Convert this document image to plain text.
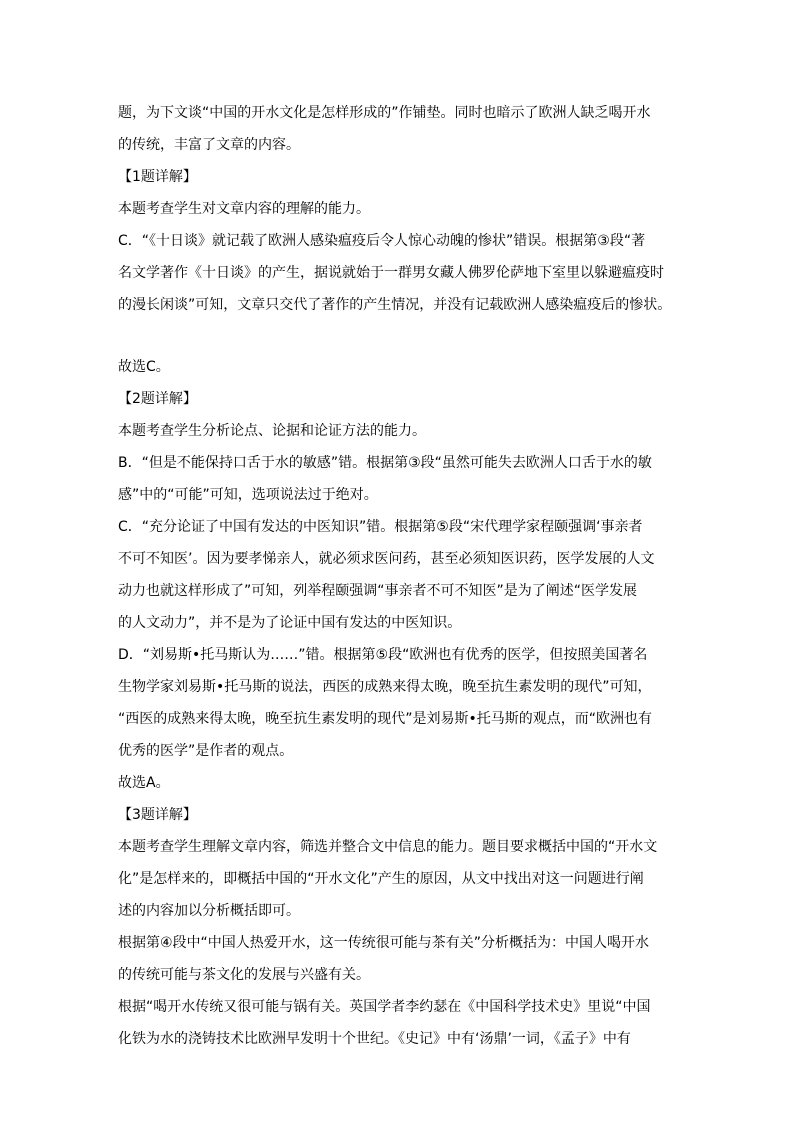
题，为下文谈“中国的开水文化是怎样形成的”作铺垫。同时也暗示了欧洲人缺乏喝开水
的传统，丰富了文章的内容。
【1题详解】
本题考查学生对文章内容的理解的能力。
C．“《十日谈》就记载了欧洲人感染瘟疫后令人惊心动魄的惨状”错误。根据第③段“著
名文学著作《十日谈》的产生，据说就始于一群男女藏人佛罗伦萨地下室里以躲避瘟疫时
的漫长闲谈”可知，文章只交代了著作的产生情况，并没有记载欧洲人感染瘟疫后的惨状。
故选C。
【2题详解】
本题考查学生分析论点、论据和论证方法的能力。
B．“但是不能保持口舌于水的敏感”错。根据第③段“虽然可能失去欧洲人口舌于水的敏
感”中的“可能”可知，选项说法过于绝对。
C．“充分论证了中国有发达的中医知识”错。根据第⑤段“宋代理学家程颐强调‘事亲者
不可不知医’。因为要孝悌亲人，就必须求医问药，甚至必须知医识药，医学发展的人文
动力也就这样形成了”可知，列举程颐强调“事亲者不可不知医”是为了阐述“医学发展
的人文动力”，并不是为了论证中国有发达的中医知识。
D．“刘易斯•托马斯认为……”错。根据第⑤段“欧洲也有优秀的医学，但按照美国著名
生物学家刘易斯•托马斯的说法，西医的成熟来得太晚，晚至抗生素发明的现代”可知，
“西医的成熟来得太晚，晚至抗生素发明的现代”是刘易斯•托马斯的观点，而“欧洲也有
优秀的医学”是作者的观点。
故选A。
【3题详解】
本题考查学生理解文章内容，筛选并整合文中信息的能力。题目要求概括中国的“开水文
化”是怎样来的，即概括中国的“开水文化”产生的原因，从文中找出对这一问题进行阐
述的内容加以分析概括即可。
根据第④段中“中国人热爱开水，这一传统很可能与茶有关”分析概括为：中国人喝开水
的传统可能与茶文化的发展与兴盛有关。
根据“喝开水传统又很可能与锅有关。英国学者李约瑟在《中国科学技术史》里说“中国
化铁为水的浇铸技术比欧洲早发明十个世纪。《史记》中有‘汤鼎’一词，《孟子》中有
